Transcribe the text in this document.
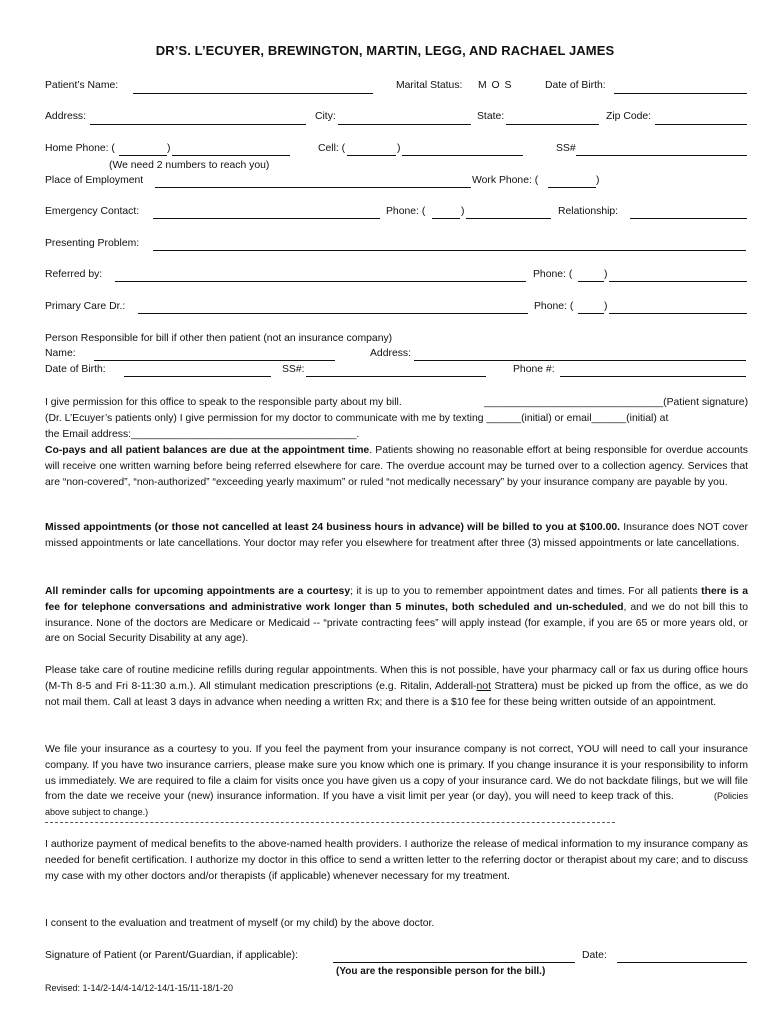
DR’S. L’ECUYER, BREWINGTON, MARTIN, LEGG, AND RACHAEL JAMES
Patient’s Name:	Marital Status: M O S	Date of Birth:
Address:	City:	State:	Zip Code:
Home Phone: (	)	Cell: (	)	SS#
(We need 2 numbers to reach you)
Place of Employment	Work Phone: (	)
Emergency Contact:	Phone: (	)	Relationship:
Presenting Problem:
Referred by:	Phone: (	)
Primary Care Dr.:	Phone: (	)
Person Responsible for bill if other then patient (not an insurance company)
Name:	Address:
Date of Birth:	SS#:	Phone #:
I give permission for this office to speak to the responsible party about my bill.	_______________________________(Patient signature)
(Dr. L’Ecuyer’s patients only) I give permission for my doctor to communicate with me by texting ______(initial) or email______(initial) at
the Email address:_______________________________________.

Co-pays and all patient balances are due at the appointment time. Patients showing no reasonable effort at being responsible for overdue accounts will receive one written warning before being referred elsewhere for care. The overdue account may be turned over to a collection agency. Services that are “non-covered”, “non-authorized” “exceeding yearly maximum” or ruled “not medically necessary” by your insurance company are payable by you.

Missed appointments (or those not cancelled at least 24 business hours in advance) will be billed to you at $100.00. Insurance does NOT cover missed appointments or late cancellations. Your doctor may refer you elsewhere for treatment after three (3) missed appointments or late cancellations.

All reminder calls for upcoming appointments are a courtesy; it is up to you to remember appointment dates and times. For all patients there is a fee for telephone conversations and administrative work longer than 5 minutes, both scheduled and un-scheduled, and we do not bill this to insurance. None of the doctors are Medicare or Medicaid -- “private contracting fees” will apply instead (for example, if you are 65 or more years old, or are on Social Security Disability at any age).

Please take care of routine medicine refills during regular appointments. When this is not possible, have your pharmacy call or fax us during office hours (M-Th 8-5 and Fri 8-11:30 a.m.). All stimulant medication prescriptions (e.g. Ritalin, Adderall-not Strattera) must be picked up from the office, as we do not mail them. Call at least 3 days in advance when needing a written Rx; and there is a $10 fee for these being written outside of an appointment.

We file your insurance as a courtesy to you. If you feel the payment from your insurance company is not correct, YOU will need to call your insurance company. If you have two insurance carriers, please make sure you know which one is primary. If you change insurance it is your responsibility to inform us immediately. We are required to file a claim for visits once you have given us a copy of your insurance card. We do not backdate filings, but we will file from the date we receive your (new) insurance information. If you have a visit limit per year (or day), you will need to keep track of this.	(Policies above subject to change.)

I authorize payment of medical benefits to the above-named health providers. I authorize the release of medical information to my insurance company as needed for benefit certification. I authorize my doctor in this office to send a written letter to the referring doctor or therapist about my care; and to discuss my case with my other doctors and/or therapists (if applicable) whenever necessary for my treatment.

I consent to the evaluation and treatment of myself (or my child) by the above doctor.
Signature of Patient (or Parent/Guardian, if applicable):	Date:
(You are the responsible person for the bill.)
Revised: 1-14/2-14/4-14/12-14/1-15/11-18/1-20
